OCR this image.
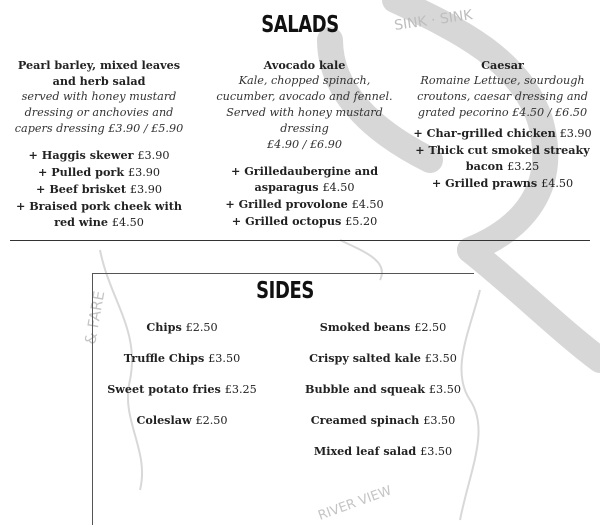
SINK · SINK
& FARE
RIVER VIEW
SALADS
Pearl barley, mixed leaves and herb salad
served with honey mustard dressing or anchovies and capers dressing £3.90 / £5.90
+ Haggis skewer £3.90
+ Pulled pork £3.90
+ Beef brisket £3.90
+ Braised pork cheek with red wine £4.50
Avocado kale
Kale, chopped spinach, cucumber, avocado and fennel. Served with honey mustard dressing
£4.90 / £6.90
+ Grilledaubergine and asparagus £4.50
+ Grilled provolone £4.50
+ Grilled octopus £5.20
Caesar
Romaine Lettuce, sourdough croutons, caesar dressing and grated pecorino £4.50 / £6.50
+ Char-grilled chicken £3.90
+ Thick cut smoked streaky bacon £3.25
+ Grilled prawns £4.50
SIDES
Chips £2.50
Truffle Chips £3.50
Sweet potato fries £3.25
Coleslaw £2.50
Smoked beans £2.50
Crispy salted kale £3.50
Bubble and squeak £3.50
Creamed spinach £3.50
Mixed leaf salad £3.50
